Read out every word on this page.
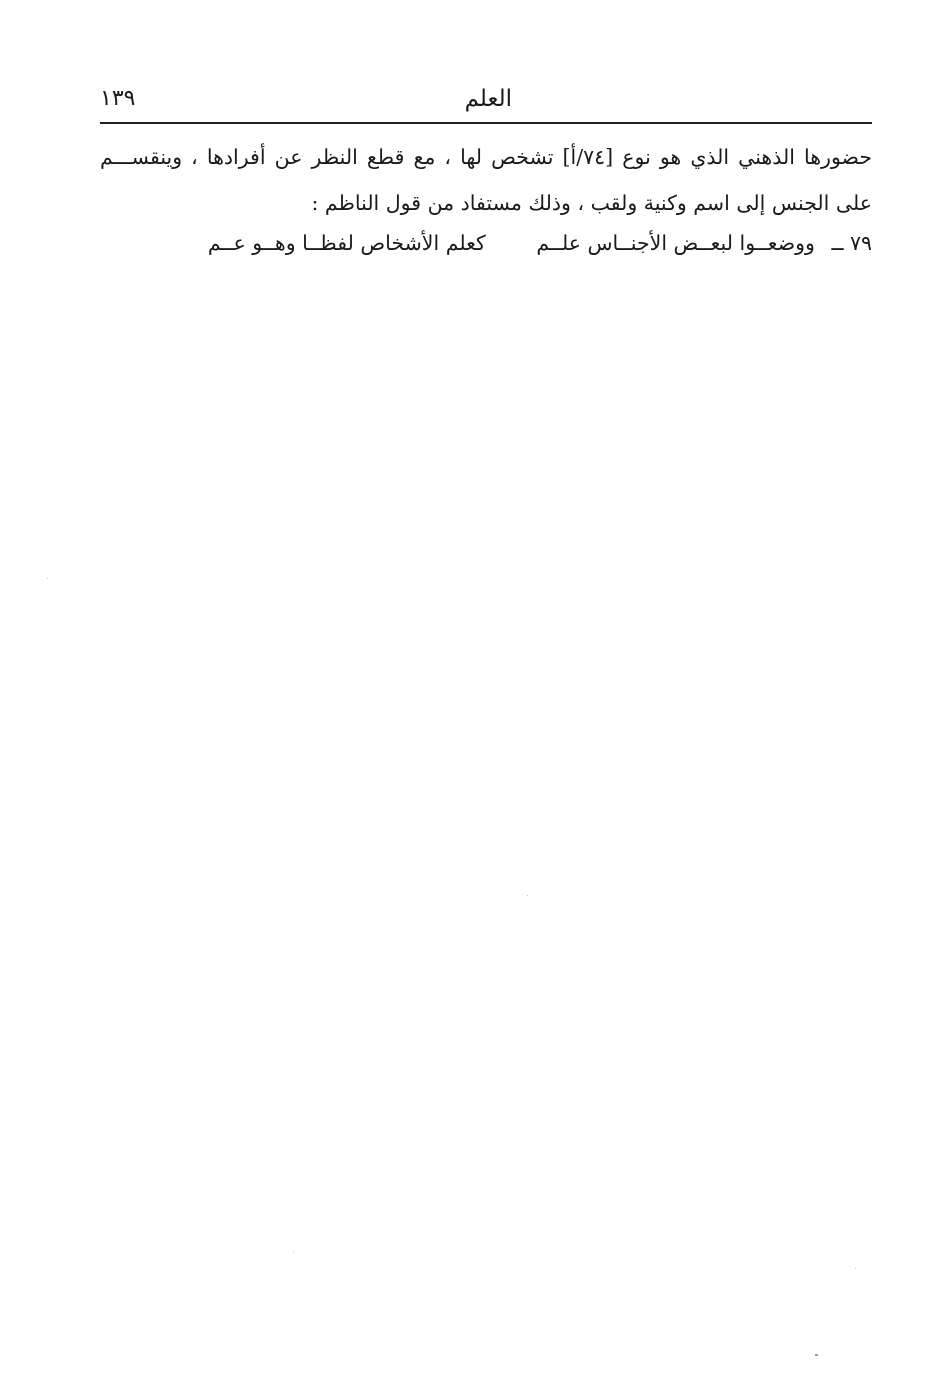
العلم
١٣٩
حضورها الذهني الذي هو نوع [٧٤/أ] تشخص لها ، مع قطع النظر عن أفرادها ، وينقســـم
على الجنس إلى اسم وكنية ولقب ، وذلك مستفاد من قول الناظم :
٧٩ ــ ووضعــوا لبعــض الأجنــاس علــم كعلم الأشخاص لفظــا وهــو عــم
